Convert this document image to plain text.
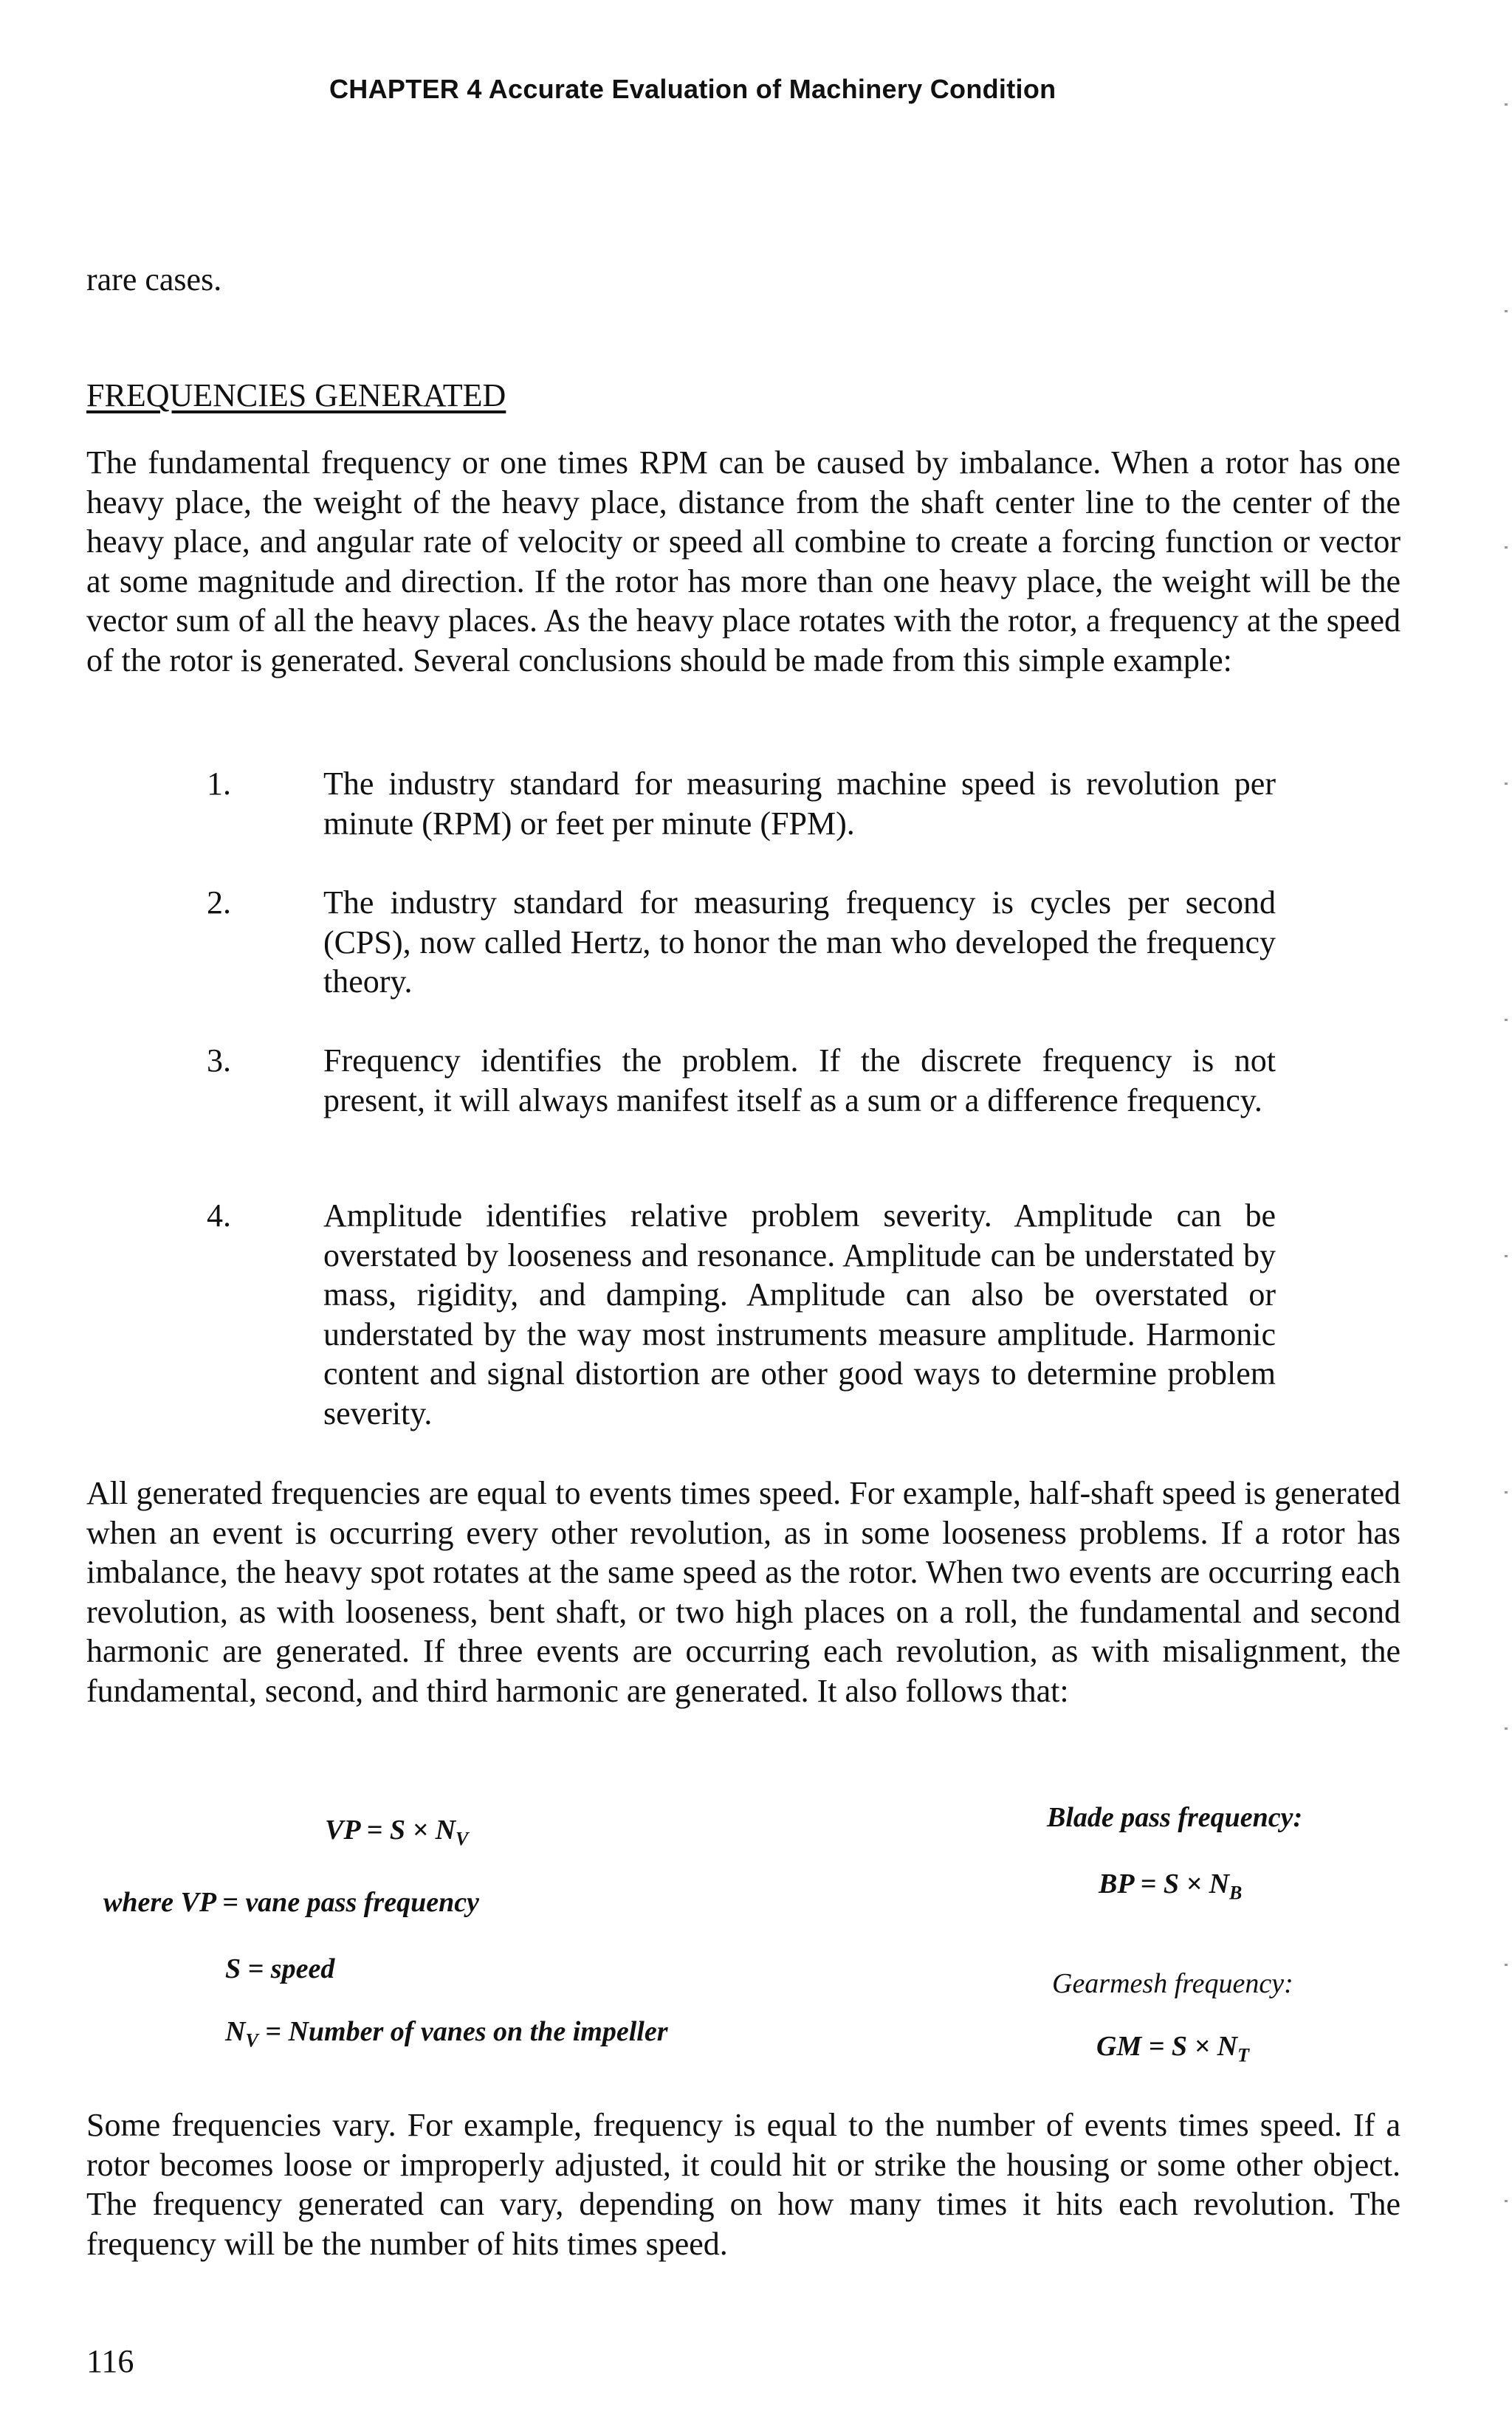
CHAPTER 4 Accurate Evaluation of Machinery Condition
rare cases.
FREQUENCIES GENERATED
The fundamental frequency or one times RPM can be caused by imbalance. When a rotor has one heavy place, the weight of the heavy place, distance from the shaft center line to the center of the heavy place, and angular rate of velocity or speed all combine to create a forcing function or vector at some magnitude and direction. If the rotor has more than one heavy place, the weight will be the vector sum of all the heavy places. As the heavy place rotates with the rotor, a frequency at the speed of the rotor is generated. Several conclusions should be made from this simple example:
1.	The industry standard for measuring machine speed is revolution per minute (RPM) or feet per minute (FPM).
2.	The industry standard for measuring frequency is cycles per second (CPS), now called Hertz, to honor the man who developed the frequency theory.
3.	Frequency identifies the problem. If the discrete frequency is not present, it will always manifest itself as a sum or a difference frequency.
4.	Amplitude identifies relative problem severity. Amplitude can be overstated by looseness and resonance. Amplitude can be understated by mass, rigidity, and damping. Amplitude can also be overstated or understated by the way most instruments measure amplitude. Harmonic content and signal distortion are other good ways to determine problem severity.
All generated frequencies are equal to events times speed. For example, half-shaft speed is generated when an event is occurring every other revolution, as in some looseness problems. If a rotor has imbalance, the heavy spot rotates at the same speed as the rotor. When two events are occurring each revolution, as with looseness, bent shaft, or two high places on a roll, the fundamental and second harmonic are generated. If three events are occurring each revolution, as with misalignment, the fundamental, second, and third harmonic are generated. It also follows that:
VP = $S \times N_V$
where VP = vane pass frequency
S = speed
$N_V$ = Number of vanes on the impeller
Blade pass frequency:
BP = $S \times N_B$
Gearmesh frequency:
GM = $S \times N_T$
Some frequencies vary. For example, frequency is equal to the number of events times speed. If a rotor becomes loose or improperly adjusted, it could hit or strike the housing or some other object. The frequency generated can vary, depending on how many times it hits each revolution. The frequency will be the number of hits times speed.
116
